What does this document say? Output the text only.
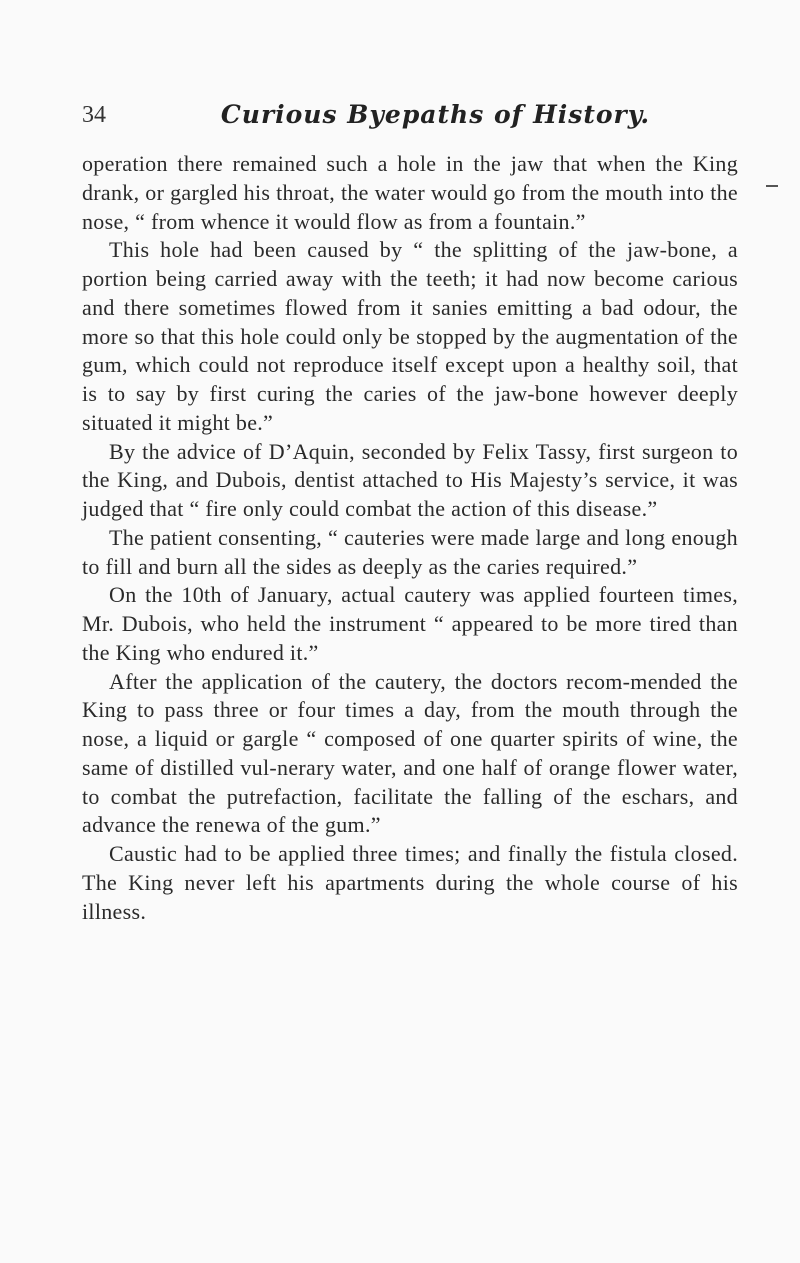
34	Curious Byepaths of History.

operation there remained such a hole in the jaw that when the King drank, or gargled his throat, the water would go from the mouth into the nose, “ from whence it would flow as from a fountain.”

This hole had been caused by “ the splitting of the jaw-bone, a portion being carried away with the teeth; it had now become carious and there sometimes flowed from it sanies emitting a bad odour, the more so that this hole could only be stopped by the augmentation of the gum, which could not reproduce itself except upon a healthy soil, that is to say by first curing the caries of the jaw-bone however deeply situated it might be.”

By the advice of D’Aquin, seconded by Felix Tassy, first surgeon to the King, and Dubois, dentist attached to His Majesty’s service, it was judged that “ fire only could combat the action of this disease.”

The patient consenting, “ cauteries were made large and long enough to fill and burn all the sides as deeply as the caries required.”

On the 10th of January, actual cautery was applied fourteen times, Mr. Dubois, who held the instrument “ appeared to be more tired than the King who endured it.”

After the application of the cautery, the doctors recom-mended the King to pass three or four times a day, from the mouth through the nose, a liquid or gargle “ composed of one quarter spirits of wine, the same of distilled vul-nerary water, and one half of orange flower water, to combat the putrefaction, facilitate the falling of the eschars, and advance the renewa of the gum.”

Caustic had to be applied three times; and finally the fistula closed. The King never left his apartments during the whole course of his illness.
